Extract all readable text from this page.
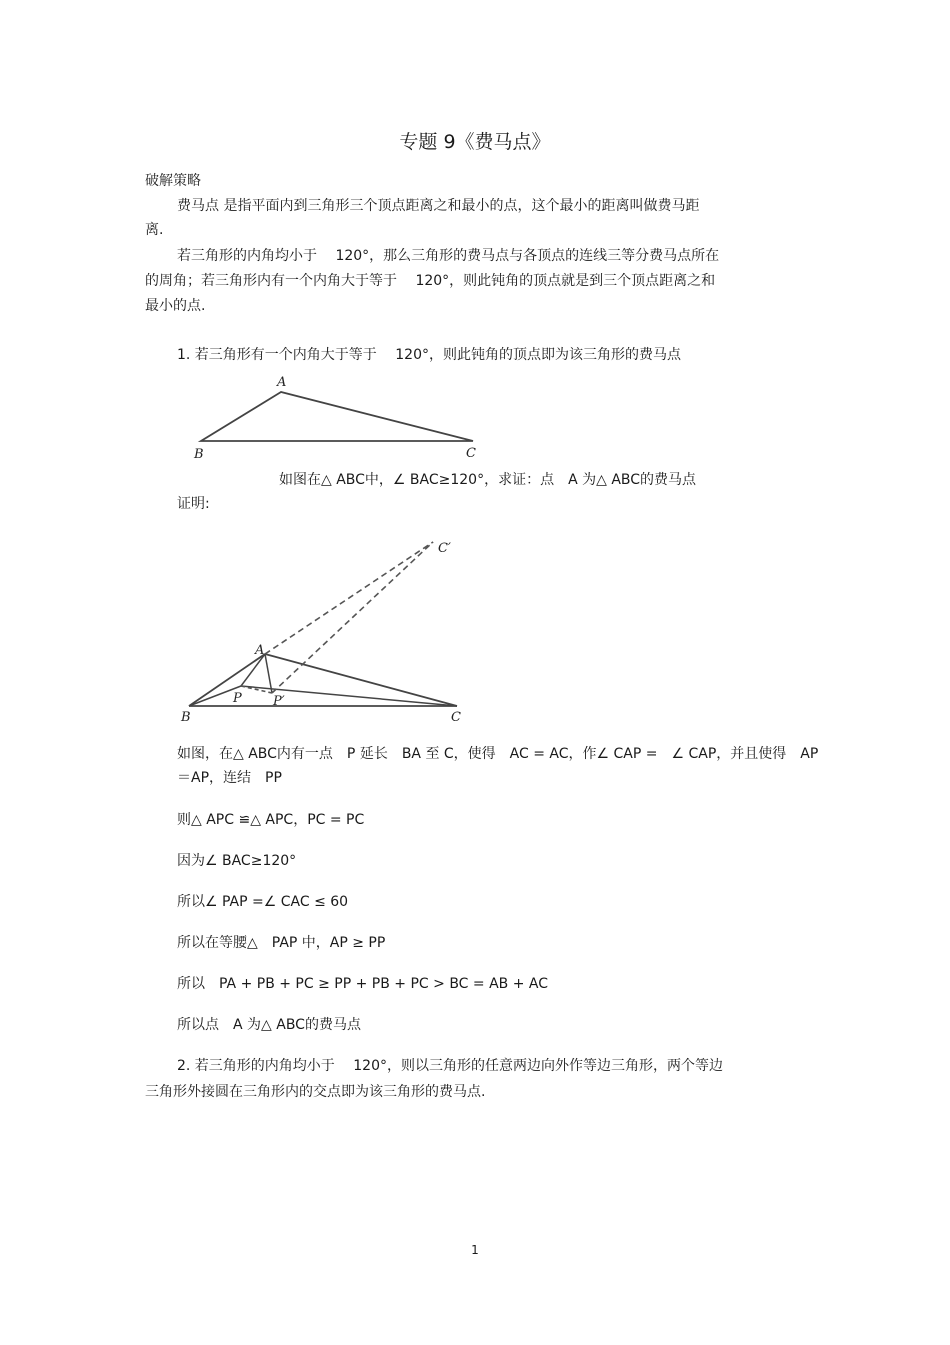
专题 9《费马点》
破解策略
费马点 是指平面内到三角形三个顶点距离之和最小的点，这个最小的距离叫做费马距
离.
若三角形的内角均小于　 120°，那么三角形的费马点与各顶点的连线三等分费马点所在
的周角；若三角形内有一个内角大于等于　 120°，则此钝角的顶点就是到三个顶点距离之和
最小的点.
1. 若三角形有一个内角大于等于　 120°，则此钝角的顶点即为该三角形的费马点
A
B	C
如图在△ ABC中，∠ BAC≥120°，求证：点　A 为△ ABC的费马点
证明:
C′
A
P P′
B	C
如图，在△ ABC内有一点　P 延长　BA 至 C，使得　AC = AC，作∠ CAP =　∠ CAP，并且使得　AP
＝AP，连结　PP
则△ APC ≌△ APC，PC = PC
因为∠ BAC≥120°
所以∠ PAP =∠ CAC ≤ 60
所以在等腰△　PAP 中，AP ≥ PP
所以　PA + PB + PC ≥ PP + PB + PC > BC = AB + AC
所以点　A 为△ ABC的费马点
2. 若三角形的内角均小于　 120°，则以三角形的任意两边向外作等边三角形，两个等边
三角形外接圆在三角形内的交点即为该三角形的费马点.
1
